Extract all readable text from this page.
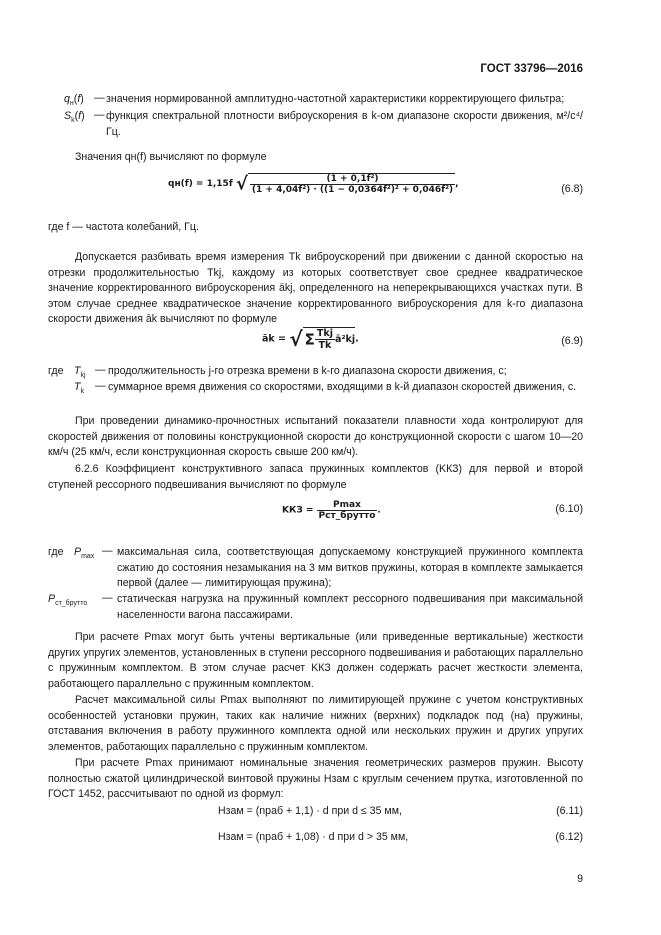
ГОСТ 33796—2016
$q_н(f)$ — значения нормированной амплитудно-частотной характеристики корректирующего фильтра;
$S_k(f)$ — функция спектральной плотности виброускорения в k-ом диапазоне скорости движения, м²/с⁴/Гц.
Значения qн(f) вычисляют по формуле
qн(f) = 1,15f √ $\frac{\text{(1 + 0,1f²)}}{\text{(1 + 4,04f²) · ((1 − 0,0364f²)² + 0,046f²)}}$ ,	(6.8)
где f — частота колебаний, Гц.
Допускается разбивать время измерения Tk виброускорений при движении с данной скоростью на отрезки продолжительностью Tkj, каждому из которых соответствует свое среднее квадратическое значение корректированного виброускорения ākj, определенного на неперекрывающихся участках пути. В этом случае среднее квадратическое значение корректированного виброускорения для k-го диапазона скорости движения āk вычисляют по формуле
āk = √ Σ $\frac{\text{Tkj}}{Tk}$ ā²kj.	(6.9)
где $T_{kj}$ — продолжительность j-го отрезка времени в k-го диапазона скорости движения, с;
$T_k$ — суммарное время движения со скоростями, входящими в k-й диапазон скоростей движения, с.
При проведении динамико-прочностных испытаний показатели плавности хода контролируют для скоростей движения от половины конструкционной скорости до конструкционной скорости с шагом 10—20 км/ч (25 км/ч, если конструкционная скорость свыше 200 км/ч).
6.2.6 Коэффициент конструктивного запаса пружинных комплектов (KКЗ) для первой и второй ступеней рессорного подвешивания вычисляют по формуле
KКЗ = $\frac{Pmax}{\text{Pст\_брутто}}$ .	(6.10)
где $P_{max}$ — максимальная сила, соответствующая допускаемому конструкцией пружинного комплекта сжатию до состояния незамыкания на 3 мм витков пружины, которая в комплекте замыкается первой (далее — лимитирующая пружина);
$P_{ст\_брутто}$ — статическая нагрузка на пружинный комплект рессорного подвешивания при максимальной населенности вагона пассажирами.
При расчете Pmax могут быть учтены вертикальные (или приведенные вертикальные) жесткости других упругих элементов, установленных в ступени рессорного подвешивания и работающих параллельно с пружинным комплектом. В этом случае расчет KКЗ должен содержать расчет жесткости элемента, работающего параллельно с пружинным комплектом.
Расчет максимальной силы Pmax выполняют по лимитирующей пружине с учетом конструктивных особенностей установки пружин, таких как наличие нижних (верхних) подкладок под (на) пружины, отставания включения в работу пружинного комплекта одной или нескольких пружин и других упругих элементов, работающих параллельно с пружинным комплектом.
При расчете Pmax принимают номинальные значения геометрических размеров пружин. Высоту полностью сжатой цилиндрической винтовой пружины Hзам с круглым сечением прутка, изготовленной по ГОСТ 1452, рассчитывают по одной из формул:
Hзам = (nраб + 1,1) · d при d ≤ 35 мм,	(6.11)
Hзам = (nраб + 1,08) · d при d > 35 мм,	(6.12)
9
